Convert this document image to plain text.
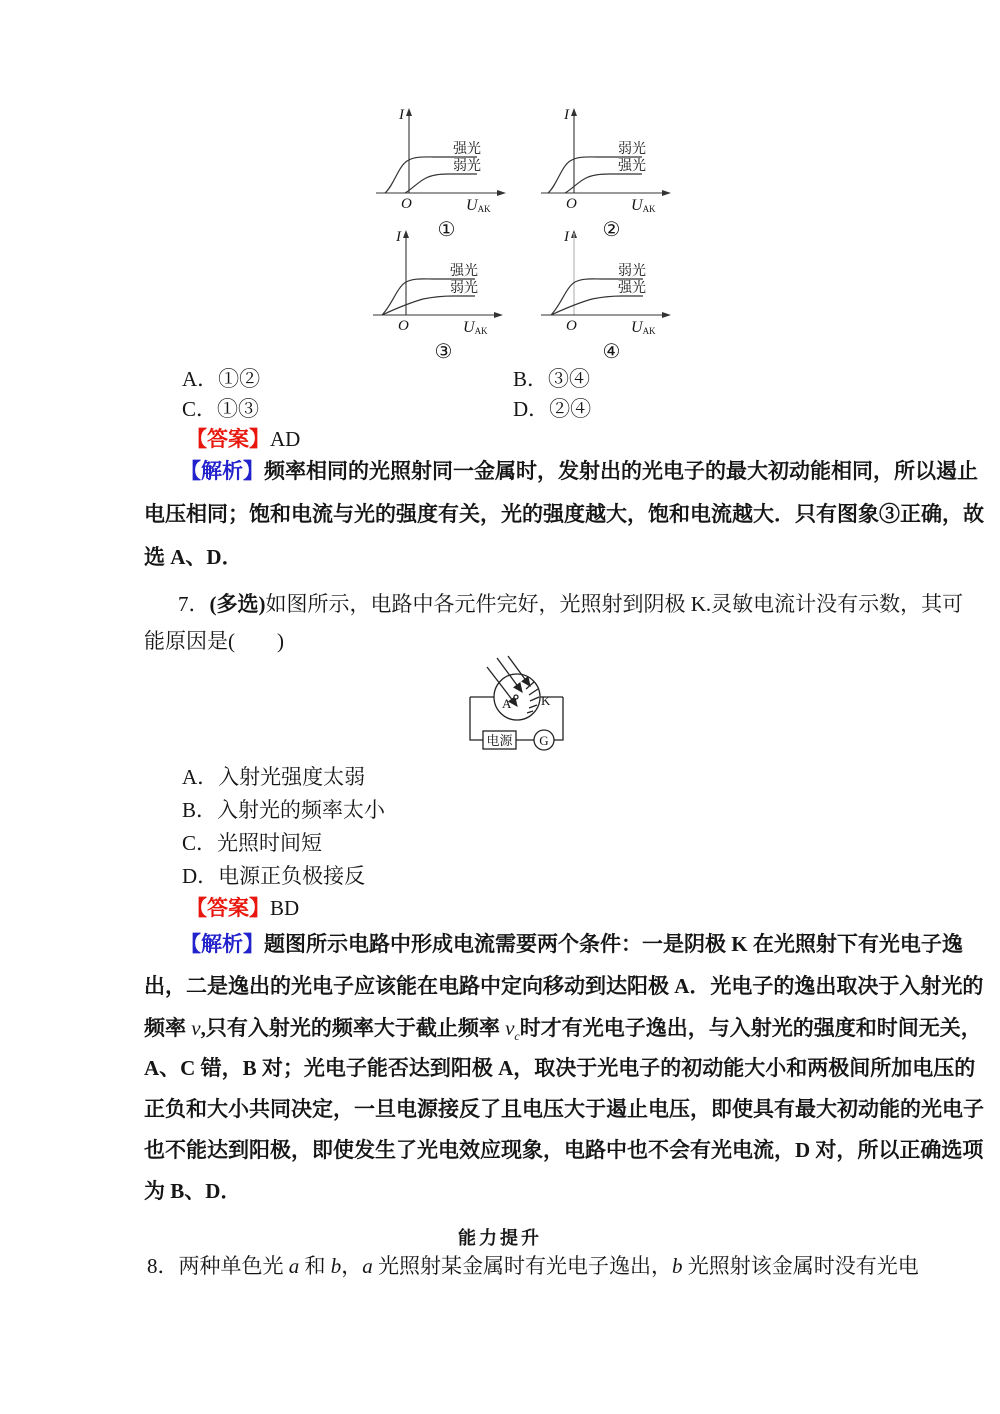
I
O	UAK
强光
弱光
①
I
O	UAK
弱光
强光
②
I
O	UAK
强光
弱光
③
I
O	UAK
弱光
强光
④
A．①②	B．③④
C．①③	D．②④
【答案】AD
【解析】频率相同的光照射同一金属时，发射出的光电子的最大初动能相同，所以遏止
电压相同；饱和电流与光的强度有关，光的强度越大，饱和电流越大．只有图象③正确，故
选 A、D．
7．(多选)如图所示，电路中各元件完好，光照射到阴极 K.灵敏电流计没有示数，其可
能原因是(　　)
电源 G
A K
A．入射光强度太弱
B．入射光的频率太小
C．光照时间短
D．电源正负极接反
【答案】BD
【解析】题图所示电路中形成电流需要两个条件：一是阴极 K 在光照射下有光电子逸
出，二是逸出的光电子应该能在电路中定向移动到达阳极 A．光电子的逸出取决于入射光的
频率 v,只有入射光的频率大于截止频率 $v_c$时才有光电子逸出，与入射光的强度和时间无关，
A、C 错，B 对；光电子能否达到阳极 A，取决于光电子的初动能大小和两极间所加电压的
正负和大小共同决定，一旦电源接反了且电压大于遏止电压，即使具有最大初动能的光电子
也不能达到阳极，即使发生了光电效应现象，电路中也不会有光电流，D 对，所以正确选项
为 B、D．
能力提升
8．两种单色光 a 和 b，a 光照射某金属时有光电子逸出，b 光照射该金属时没有光电
